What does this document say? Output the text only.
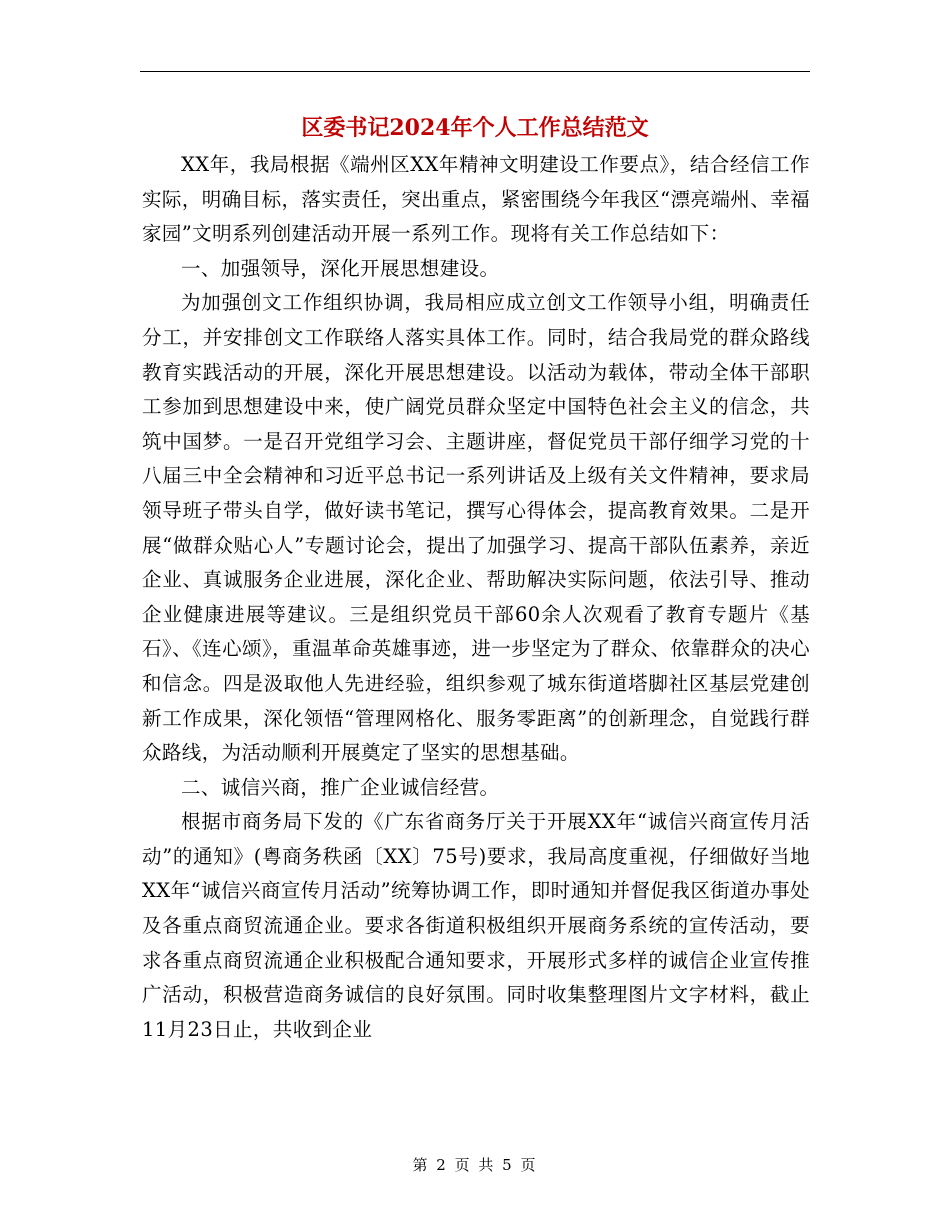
区委书记2024年个人工作总结范文

XX年，我局根据《端州区XX年精神文明建设工作要点》，结合经信工作实际，明确目标，落实责任，突出重点，紧密围绕今年我区“漂亮端州、幸福家园”文明系列创建活动开展一系列工作。现将有关工作总结如下：

一、加强领导，深化开展思想建设。

为加强创文工作组织协调，我局相应成立创文工作领导小组，明确责任分工，并安排创文工作联络人落实具体工作。同时，结合我局党的群众路线教育实践活动的开展，深化开展思想建设。以活动为载体，带动全体干部职工参加到思想建设中来，使广阔党员群众坚定中国特色社会主义的信念，共筑中国梦。一是召开党组学习会、主题讲座，督促党员干部仔细学习党的十八届三中全会精神和习近平总书记一系列讲话及上级有关文件精神，要求局领导班子带头自学，做好读书笔记，撰写心得体会，提高教育效果。二是开展“做群众贴心人”专题讨论会，提出了加强学习、提高干部队伍素养，亲近企业、真诚服务企业进展，深化企业、帮助解决实际问题，依法引导、推动企业健康进展等建议。三是组织党员干部60余人次观看了教育专题片《基石》、《连心颂》，重温革命英雄事迹，进一步坚定为了群众、依靠群众的决心和信念。四是汲取他人先进经验，组织参观了城东街道塔脚社区基层党建创新工作成果，深化领悟“管理网格化、服务零距离”的创新理念，自觉践行群众路线，为活动顺利开展奠定了坚实的思想基础。

二、诚信兴商，推广企业诚信经营。

根据市商务局下发的《广东省商务厅关于开展XX年“诚信兴商宣传月活动”的通知》(粤商务秩函〔XX〕75号)要求，我局高度重视，仔细做好当地XX年“诚信兴商宣传月活动”统筹协调工作，即时通知并督促我区街道办事处及各重点商贸流通企业。要求各街道积极组织开展商务系统的宣传活动，要求各重点商贸流通企业积极配合通知要求，开展形式多样的诚信企业宣传推广活动，积极营造商务诚信的良好氛围。同时收集整理图片文字材料，截止11月23日止，共收到企业

第 2 页 共 5 页
